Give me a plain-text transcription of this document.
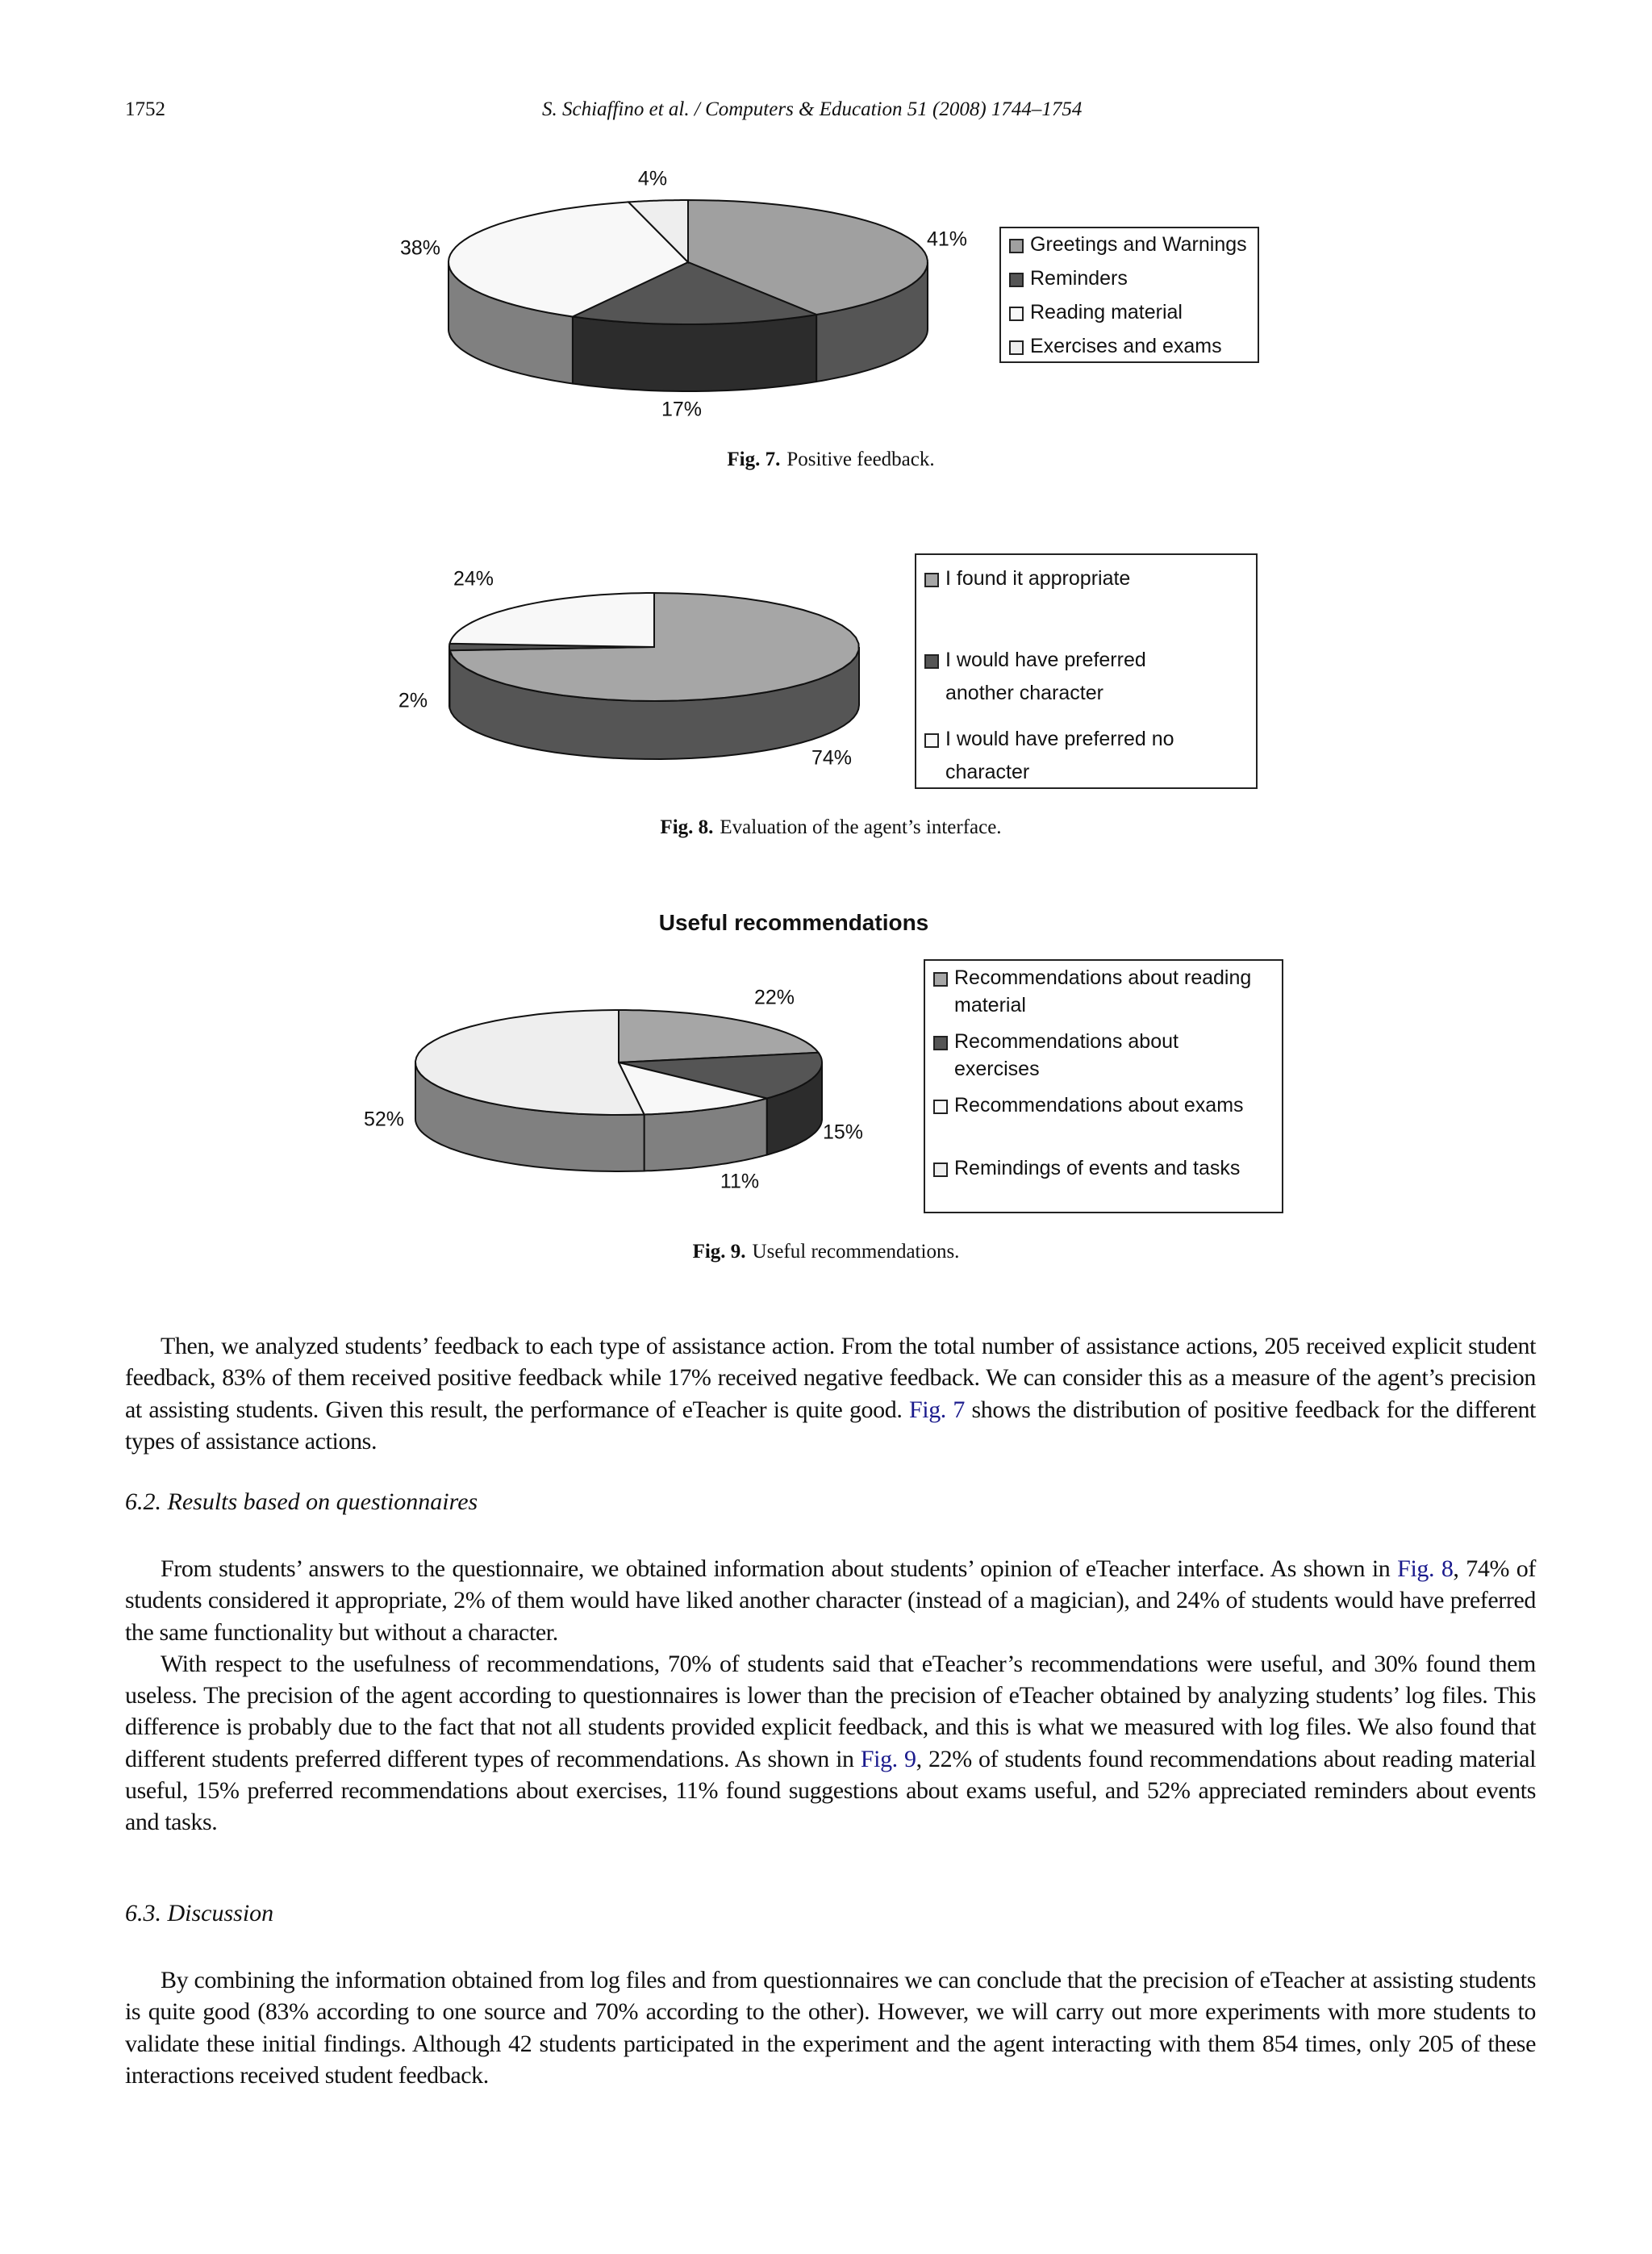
1752	S. Schiaffino et al. / Computers & Education 51 (2008) 1744–1754
4%
41%
38%
17%
Greetings and Warnings
Reminders
Reading material
Exercises and exams
Fig. 7. Positive feedback.
24%
2%
74%
I found it appropriate
I would have preferred another character
I would have preferred no character
Fig. 8. Evaluation of the agent’s interface.
Useful recommendations
22%
52%
15%
11%
Recommendations about reading material
Recommendations about exercises
Recommendations about exams
Remindings of events and tasks
Fig. 9. Useful recommendations.

Then, we analyzed students’ feedback to each type of assistance action. From the total number of assistance actions, 205 received explicit student feedback, 83% of them received positive feedback while 17% received negative feedback. We can consider this as a measure of the agent’s precision at assisting students. Given this result, the performance of eTeacher is quite good. Fig. 7 shows the distribution of positive feedback for the different types of assistance actions.

6.2. Results based on questionnaires

From students’ answers to the questionnaire, we obtained information about students’ opinion of eTeacher interface. As shown in Fig. 8, 74% of students considered it appropriate, 2% of them would have liked another character (instead of a magician), and 24% of students would have preferred the same functionality but without a character.

With respect to the usefulness of recommendations, 70% of students said that eTeacher’s recommendations were useful, and 30% found them useless. The precision of the agent according to questionnaires is lower than the precision of eTeacher obtained by analyzing students’ log files. This difference is probably due to the fact that not all students provided explicit feedback, and this is what we measured with log files. We also found that different students preferred different types of recommendations. As shown in Fig. 9, 22% of students found recommendations about reading material useful, 15% preferred recommendations about exercises, 11% found suggestions about exams useful, and 52% appreciated reminders about events and tasks.

6.3. Discussion

By combining the information obtained from log files and from questionnaires we can conclude that the precision of eTeacher at assisting students is quite good (83% according to one source and 70% according to the other). However, we will carry out more experiments with more students to validate these initial findings. Although 42 students participated in the experiment and the agent interacting with them 854 times, only 205 of these interactions received student feedback.
